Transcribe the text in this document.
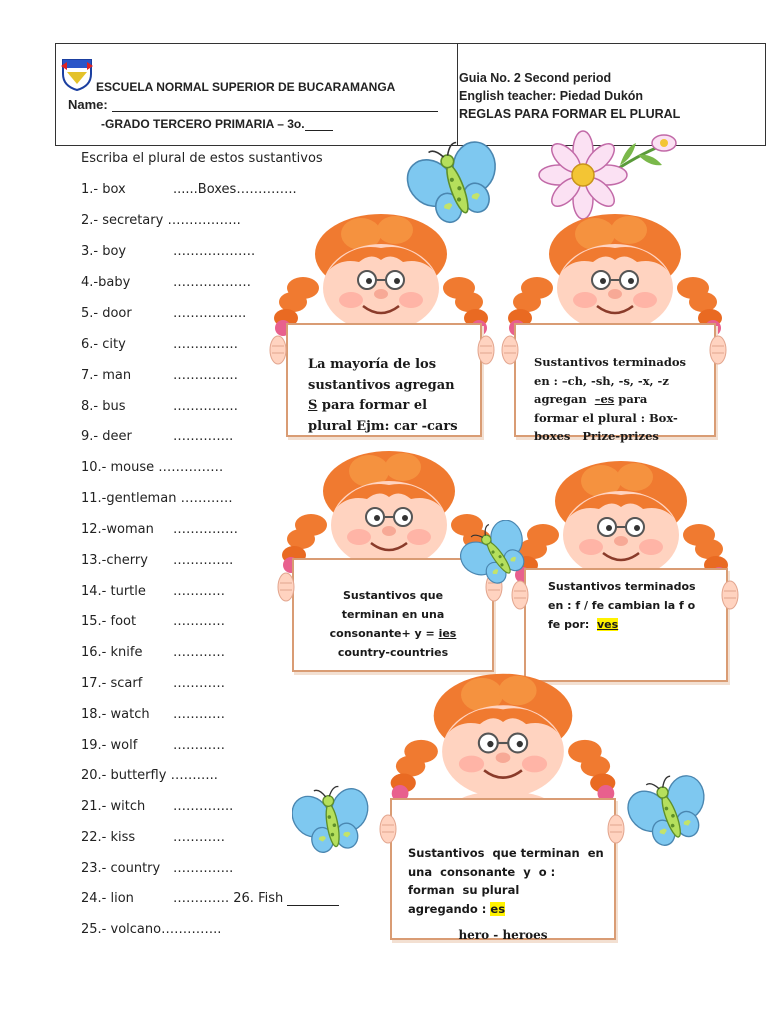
ESCUELA NORMAL SUPERIOR DE BUCARAMANGA
Name:
-GRADO TERCERO PRIMARIA – 3o.
Guia No. 2 Second period
English teacher: Piedad Dukón
REGLAS PARA FORMAR EL PLURAL
Escriba el plural de estos sustantivos
1.- box	......Boxes…………..
2.- secretary ……………..
3.- boy	……………….
4.-baby	………………
5.- door	……………..
6.- city	……………
7.- man	……………
8.- bus	……………
9.- deer	…………..
10.- mouse ……………
11.-gentleman …………
12.-woman ……………
13.-cherry …………..
14.- turtle …………
15.- foot	…………
16.- knife …………
17.- scarf …………
18.- watch …………
19.- wolf	…………
20.- butterfly ………..
21.- witch …………..
22.- kiss	…………
23.- country …………..
24.- lion	…………. 26. Fish
25.- volcano…………..
La mayoría de los
sustantivos agregan
S para formar el
plural Ejm: car -cars
Sustantivos terminados
en : –ch, -sh, -s, -x, -z
agregan  –es para
formar el plural : Box-
boxes   Prize-prizes
Sustantivos que
terminan en una
consonante+ y = ies
country-countries
Sustantivos terminados
en : f / fe cambian la f o
fe por:  ves
Sustantivos  que terminan  en
una  consonante  y  o :
forman  su plural
agregando : es
hero - heroes
